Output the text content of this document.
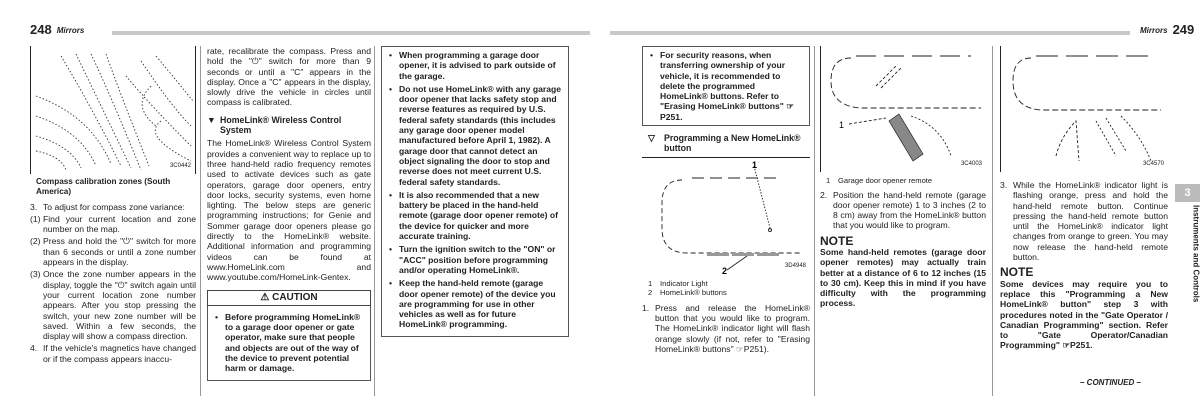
248 Mirrors
3C0442
Compass calibration zones (South America)
3. To adjust for compass zone variance:
(1) Find your current location and zone number on the map.
(2) Press and hold the "⏻" switch for more than 6 seconds or until a zone number appears in the display.
(3) Once the zone number appears in the display, toggle the "⏻" switch again until your current location zone number appears. After you stop pressing the switch, your new zone number will be saved. Within a few seconds, the display will show a compass direction.
4. If the vehicle's magnetics have changed or if the compass appears inaccu-

rate, recalibrate the compass. Press and hold the "⏻" switch for more than 9 seconds or until a "C" appears in the display. Once a "C" appears in the display, slowly drive the vehicle in circles until compass is calibrated.

▼ HomeLink® Wireless Control System

The HomeLink® Wireless Control System provides a convenient way to replace up to three hand-held radio frequency remotes used to activate devices such as gate operators, garage door openers, entry door locks, security systems, even home lighting. The below steps are generic programming instructions; for Genie and Sommer garage door openers please go directly to the HomeLink® website. Additional information and programming videos can be found at www.HomeLink.com and www.youtube.com/HomeLink-Gentex.

⚠ CAUTION
• Before programming HomeLink® to a garage door opener or gate operator, make sure that people and objects are out of the way of the device to prevent potential harm or damage.
• When programming a garage door opener, it is advised to park outside of the garage.
• Do not use HomeLink® with any garage door opener that lacks safety stop and reverse features as required by U.S. federal safety standards (this includes any garage door opener model manufactured before April 1, 1982). A garage door that cannot detect an object signaling the door to stop and reverse does not meet current U.S. federal safety standards.
• It is also recommended that a new battery be placed in the hand-held remote (garage door opener remote) of the device for quicker and more accurate training.
• Turn the ignition switch to the "ON" or "ACC" position before programming and/or operating HomeLink®.
• Keep the hand-held remote (garage door opener remote) of the device you are programming for use in other vehicles as well as for future HomeLink® programming.
Mirrors 249
• For security reasons, when transferring ownership of your vehicle, it is recommended to delete the programmed HomeLink® buttons. Refer to "Erasing HomeLink® buttons" ☞P251.
▽ Programming a New HomeLink® button
1
2	3D4948
1	Indicator Light
2	HomeLink® buttons
1. Press and release the HomeLink® button that you would like to program. The HomeLink® indicator light will flash orange slowly (if not, refer to "Erasing HomeLink® buttons" ☞P251).
1
3C4003
1	Garage door opener remote
2. Position the hand-held remote (garage door opener remote) 1 to 3 inches (2 to 8 cm) away from the HomeLink® button that you would like to program.
NOTE

Some hand-held remotes (garage door opener remotes) may actually train better at a distance of 6 to 12 inches (15 to 30 cm). Keep this in mind if you have difficulty with the programming process.

3C4570
3. While the HomeLink® indicator light is flashing orange, press and hold the hand-held remote button. Continue pressing the hand-held remote button until the HomeLink® indicator light changes from orange to green. You may now release the hand-held remote button.
NOTE

Some devices may require you to replace this "Programming a New HomeLink® button" step 3 with procedures noted in the "Gate Operator / Canadian Programming" section. Refer to "Gate Operator/Canadian Programming" ☞P251.

– CONTINUED –
3
Instruments and Controls
